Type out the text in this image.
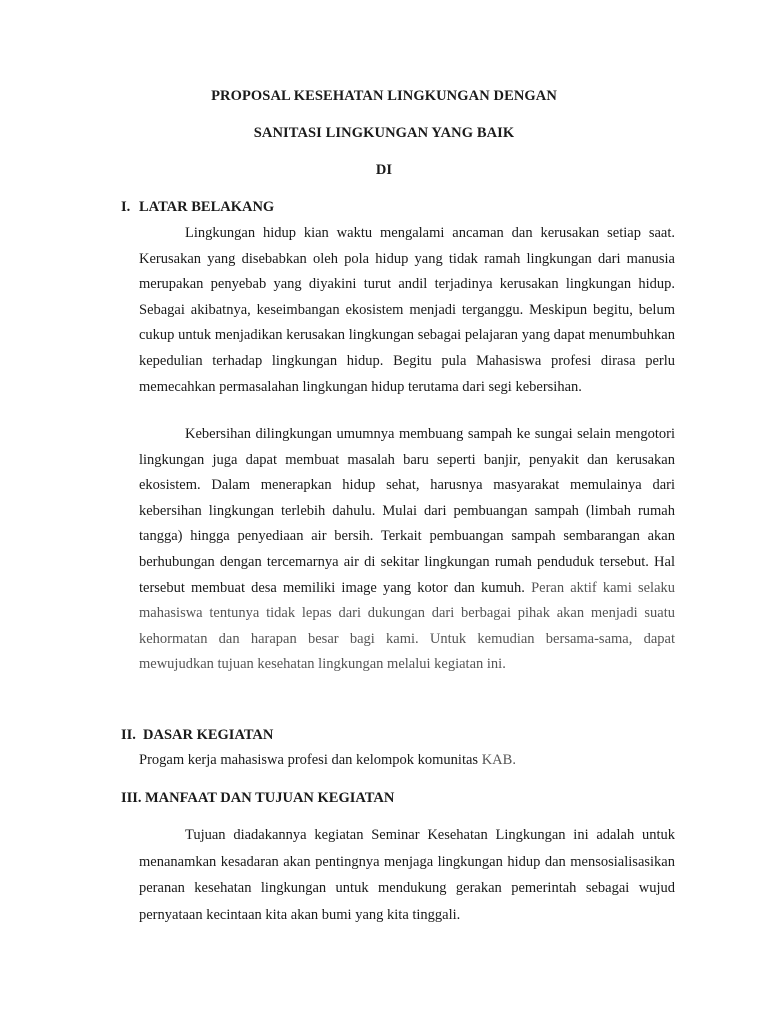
PROPOSAL KESEHATAN LINGKUNGAN DENGAN
SANITASI LINGKUNGAN YANG BAIK
DI
I. LATAR BELAKANG

Lingkungan hidup kian waktu mengalami ancaman dan kerusakan setiap saat. Kerusakan yang disebabkan oleh pola hidup yang tidak ramah lingkungan dari manusia merupakan penyebab yang diyakini turut andil terjadinya kerusakan lingkungan hidup. Sebagai akibatnya, keseimbangan ekosistem menjadi terganggu. Meskipun begitu, belum cukup untuk menjadikan kerusakan lingkungan sebagai pelajaran yang dapat menumbuhkan kepedulian terhadap lingkungan hidup. Begitu pula Mahasiswa profesi dirasa perlu memecahkan permasalahan lingkungan hidup terutama dari segi kebersihan.

Kebersihan dilingkungan umumnya membuang sampah ke sungai selain mengotori lingkungan juga dapat membuat masalah baru seperti banjir, penyakit dan kerusakan ekosistem. Dalam menerapkan hidup sehat, harusnya masyarakat memulainya dari kebersihan lingkungan terlebih dahulu. Mulai dari pembuangan sampah (limbah rumah tangga) hingga penyediaan air bersih. Terkait pembuangan sampah sembarangan akan berhubungan dengan tercemarnya air di sekitar lingkungan rumah penduduk tersebut. Hal tersebut membuat desa memiliki image yang kotor dan kumuh. Peran aktif kami selaku mahasiswa tentunya tidak lepas dari dukungan dari berbagai pihak akan menjadi suatu kehormatan dan harapan besar bagi kami. Untuk kemudian bersama-sama, dapat mewujudkan tujuan kesehatan lingkungan melalui kegiatan ini.
II. DASAR KEGIATAN
Progam kerja mahasiswa profesi dan kelompok komunitas KAB.
III. MANFAAT DAN TUJUAN KEGIATAN

Tujuan diadakannya kegiatan Seminar Kesehatan Lingkungan ini adalah untuk menanamkan kesadaran akan pentingnya menjaga lingkungan hidup dan mensosialisasikan peranan kesehatan lingkungan untuk mendukung gerakan pemerintah sebagai wujud pernyataan kecintaan kita akan bumi yang kita tinggali.
